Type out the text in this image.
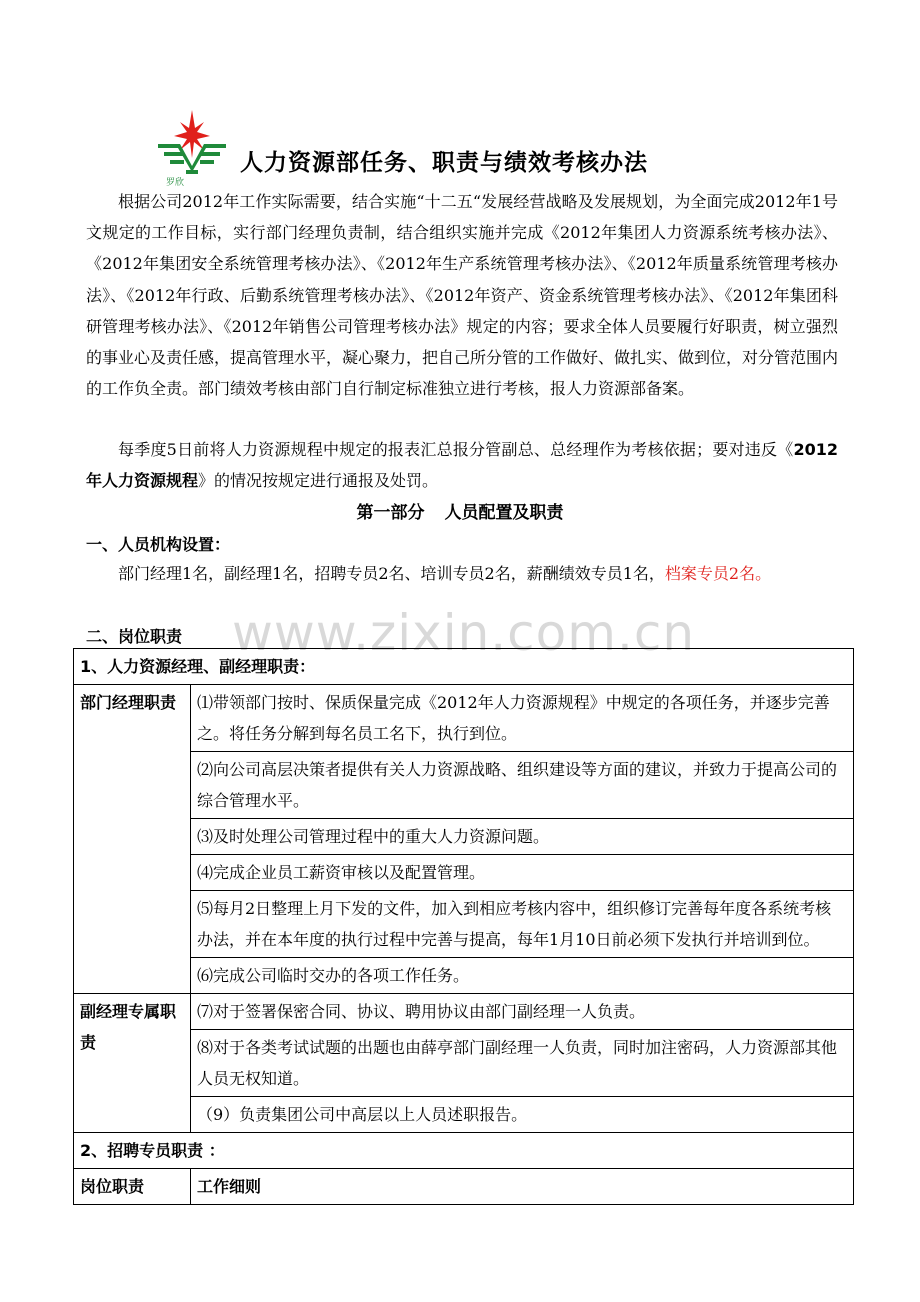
罗欣
人力资源部任务、职责与绩效考核办法
根据公司2012年工作实际需要，结合实施“十二五“发展经营战略及发展规划，为全面完成2012年1号文规定的工作目标，实行部门经理负责制，结合组织实施并完成《2012年集团人力资源系统考核办法》、《2012年集团安全系统管理考核办法》、《2012年生产系统管理考核办法》、《2012年质量系统管理考核办法》、《2012年行政、后勤系统管理考核办法》、《2012年资产、资金系统管理考核办法》、《2012年集团科研管理考核办法》、《2012年销售公司管理考核办法》规定的内容；要求全体人员要履行好职责，树立强烈的事业心及责任感，提高管理水平，凝心聚力，把自己所分管的工作做好、做扎实、做到位，对分管范围内的工作负全责。部门绩效考核由部门自行制定标准独立进行考核，报人力资源部备案。
每季度5日前将人力资源规程中规定的报表汇总报分管副总、总经理作为考核依据；要对违反《2012年人力资源规程》的情况按规定进行通报及处罚。
第一部分 人员配置及职责
一、人员机构设置：
部门经理1名，副经理1名，招聘专员2名、培训专员2名，薪酬绩效专员1名，档案专员2名。
www.zixin.com.cn
二、岗位职责
1、人力资源经理、副经理职责：	
部门经理职责	⑴带领部门按时、保质保量完成《2012年人力资源规程》中规定的各项任务，并逐步完善之。将任务分解到每名员工名下，执行到位。
	⑵向公司高层决策者提供有关人力资源战略、组织建设等方面的建议，并致力于提高公司的综合管理水平。
	⑶及时处理公司管理过程中的重大人力资源问题。
	⑷完成企业员工薪资审核以及配置管理。
	⑸每月2日整理上月下发的文件，加入到相应考核内容中，组织修订完善每年度各系统考核办法，并在本年度的执行过程中完善与提高，每年1月10日前必须下发执行并培训到位。
	⑹完成公司临时交办的各项工作任务。
副经理专属职责	⑺对于签署保密合同、协议、聘用协议由部门副经理一人负责。
	⑻对于各类考试试题的出题也由薛亭部门副经理一人负责，同时加注密码，人力资源部其他人员无权知道。
	（9）负责集团公司中高层以上人员述职报告。
2、招聘专员职责 ：	
岗位职责	工作细则
